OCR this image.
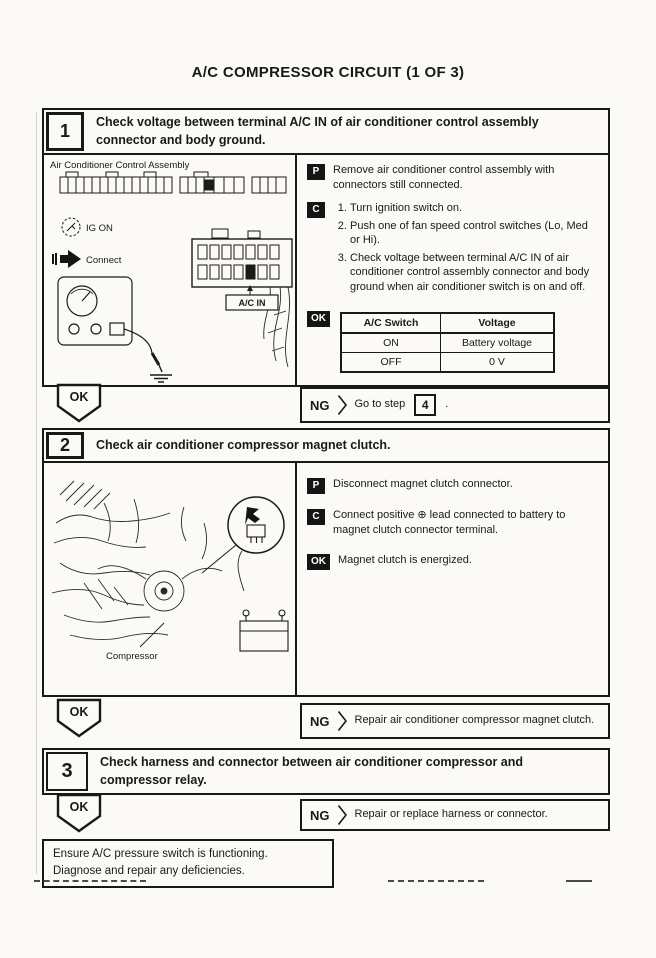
A/C COMPRESSOR CIRCUIT (1 OF 3)
1	Check voltage between terminal A/C IN of air conditioner control assembly connector and body ground.
Air Conditioner Control Assembly
IG ON
Connect
A/C IN
P	Remove air conditioner control assembly with connectors still connected.
C	1. Turn ignition switch on.
2. Push one of fan speed control switches (Lo, Med or Hi).
3. Check voltage between terminal A/C IN of air conditioner control assembly connector and body ground when air conditioner switch is on and off.
OK	A/C Switch	Voltage
ON	Battery voltage
OFF	0 V
NG Go to step	4	.
OK
2	Check air conditioner compressor magnet clutch.
Compressor
P	Disconnect magnet clutch connector.
C	Connect positive ⊕ lead connected to battery to magnet clutch connector terminal.
OK	Magnet clutch is energized.
NG Repair air conditioner compressor magnet clutch.
OK
3	Check harness and connector between air conditioner compressor and compressor relay.
NG Repair or replace harness or connector.
OK
Ensure A/C pressure switch is functioning.
Diagnose and repair any deficiencies.
